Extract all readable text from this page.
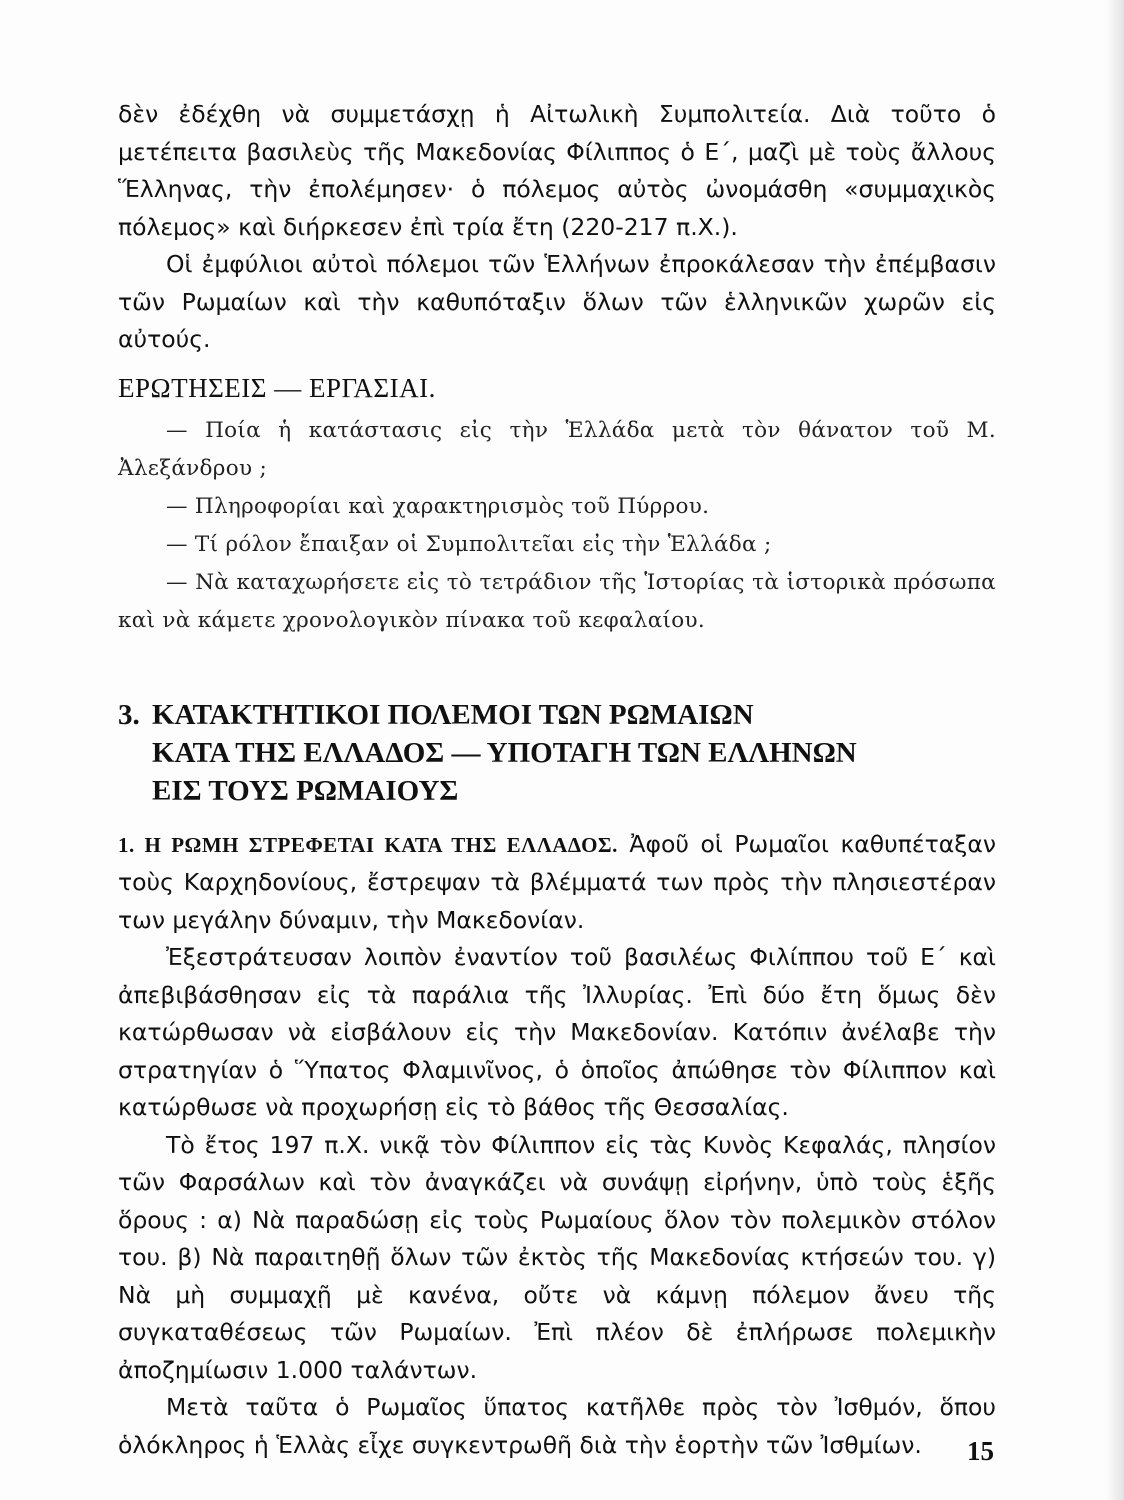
δὲν ἐδέχθη νὰ συμμετάσχῃ ἡ Αἰτωλικὴ Συμπολιτεία. Διὰ τοῦτο ὁ μετέπειτα βασιλεὺς τῆς Μακεδονίας Φίλιππος ὁ Ε΄, μαζὶ μὲ τοὺς ἄλλους Ἕλληνας, τὴν ἐπολέμησεν· ὁ πόλεμος αὐτὸς ὠνομάσθη «συμμαχικὸς πόλεμος» καὶ διήρκεσεν ἐπὶ τρία ἔτη (220-217 π.Χ.).

Οἱ ἐμφύλιοι αὐτοὶ πόλεμοι τῶν Ἑλλήνων ἐπροκάλεσαν τὴν ἐπέμβασιν τῶν Ρωμαίων καὶ τὴν καθυπόταξιν ὅλων τῶν ἑλληνικῶν χωρῶν εἰς αὐτούς.

ΕΡΩΤΗΣΕΙΣ — ΕΡΓΑΣΙΑΙ.

— Ποία ἡ κατάστασις εἰς τὴν Ἑλλάδα μετὰ τὸν θάνατον τοῦ Μ. Ἀλεξάνδρου ;

— Πληροφορίαι καὶ χαρακτηρισμὸς τοῦ Πύρρου.

— Τί ρόλον ἔπαιξαν οἱ Συμπολιτεῖαι εἰς τὴν Ἑλλάδα ;

— Νὰ καταχωρήσετε εἰς τὸ τετράδιον τῆς Ἱστορίας τὰ ἱστορικὰ πρόσωπα καὶ νὰ κάμετε χρονολογικὸν πίνακα τοῦ κεφαλαίου.

3. ΚΑΤΑΚΤΗΤΙΚΟΙ ΠΟΛΕΜΟΙ ΤΩΝ ΡΩΜΑΙΩΝ
ΚΑΤΑ ΤΗΣ ΕΛΛΑΔΟΣ — ΥΠΟΤΑΓΗ ΤΩΝ ΕΛΛΗΝΩΝ
ΕΙΣ ΤΟΥΣ ΡΩΜΑΙΟΥΣ

1. Η ΡΩΜΗ ΣΤΡΕΦΕΤΑΙ ΚΑΤΑ ΤΗΣ ΕΛΛΑΔΟΣ. Ἀφοῦ οἱ Ρωμαῖοι καθυπέταξαν τοὺς Καρχηδονίους, ἔστρεψαν τὰ βλέμματά των πρὸς τὴν πλησιεστέραν των μεγάλην δύναμιν, τὴν Μακεδονίαν.

Ἐξεστράτευσαν λοιπὸν ἐναντίον τοῦ βασιλέως Φιλίππου τοῦ Ε΄ καὶ ἀπεβιβάσθησαν εἰς τὰ παράλια τῆς Ἰλλυρίας. Ἐπὶ δύο ἔτη ὅμως δὲν κατώρθωσαν νὰ εἰσβάλουν εἰς τὴν Μακεδονίαν. Κατόπιν ἀνέλαβε τὴν στρατηγίαν ὁ Ὕπατος Φλαμινῖνος, ὁ ὁποῖος ἀπώθησε τὸν Φίλιππον καὶ κατώρθωσε νὰ προχωρήσῃ εἰς τὸ βάθος τῆς Θεσσαλίας.

Τὸ ἔτος 197 π.Χ. νικᾷ τὸν Φίλιππον εἰς τὰς Κυνὸς Κεφαλάς, πλησίον τῶν Φαρσάλων καὶ τὸν ἀναγκάζει νὰ συνάψῃ εἰρήνην, ὑπὸ τοὺς ἑξῆς ὅρους : α) Νὰ παραδώσῃ εἰς τοὺς Ρωμαίους ὅλον τὸν πολεμικὸν στόλον του. β) Νὰ παραιτηθῇ ὅλων τῶν ἐκτὸς τῆς Μακεδονίας κτήσεών του. γ) Νὰ μὴ συμμαχῇ μὲ κανένα, οὔτε νὰ κάμνῃ πόλεμον ἄνευ τῆς συγκαταθέσεως τῶν Ρωμαίων. Ἐπὶ πλέον δὲ ἐπλήρωσε πολεμικὴν ἀποζημίωσιν 1.000 ταλάντων.

Μετὰ ταῦτα ὁ Ρωμαῖος ὕπατος κατῆλθε πρὸς τὸν Ἰσθμόν, ὅπου ὁλόκληρος ἡ Ἑλλὰς εἶχε συγκεντρωθῆ διὰ τὴν ἑορτὴν τῶν Ἰσθμίων.	15
